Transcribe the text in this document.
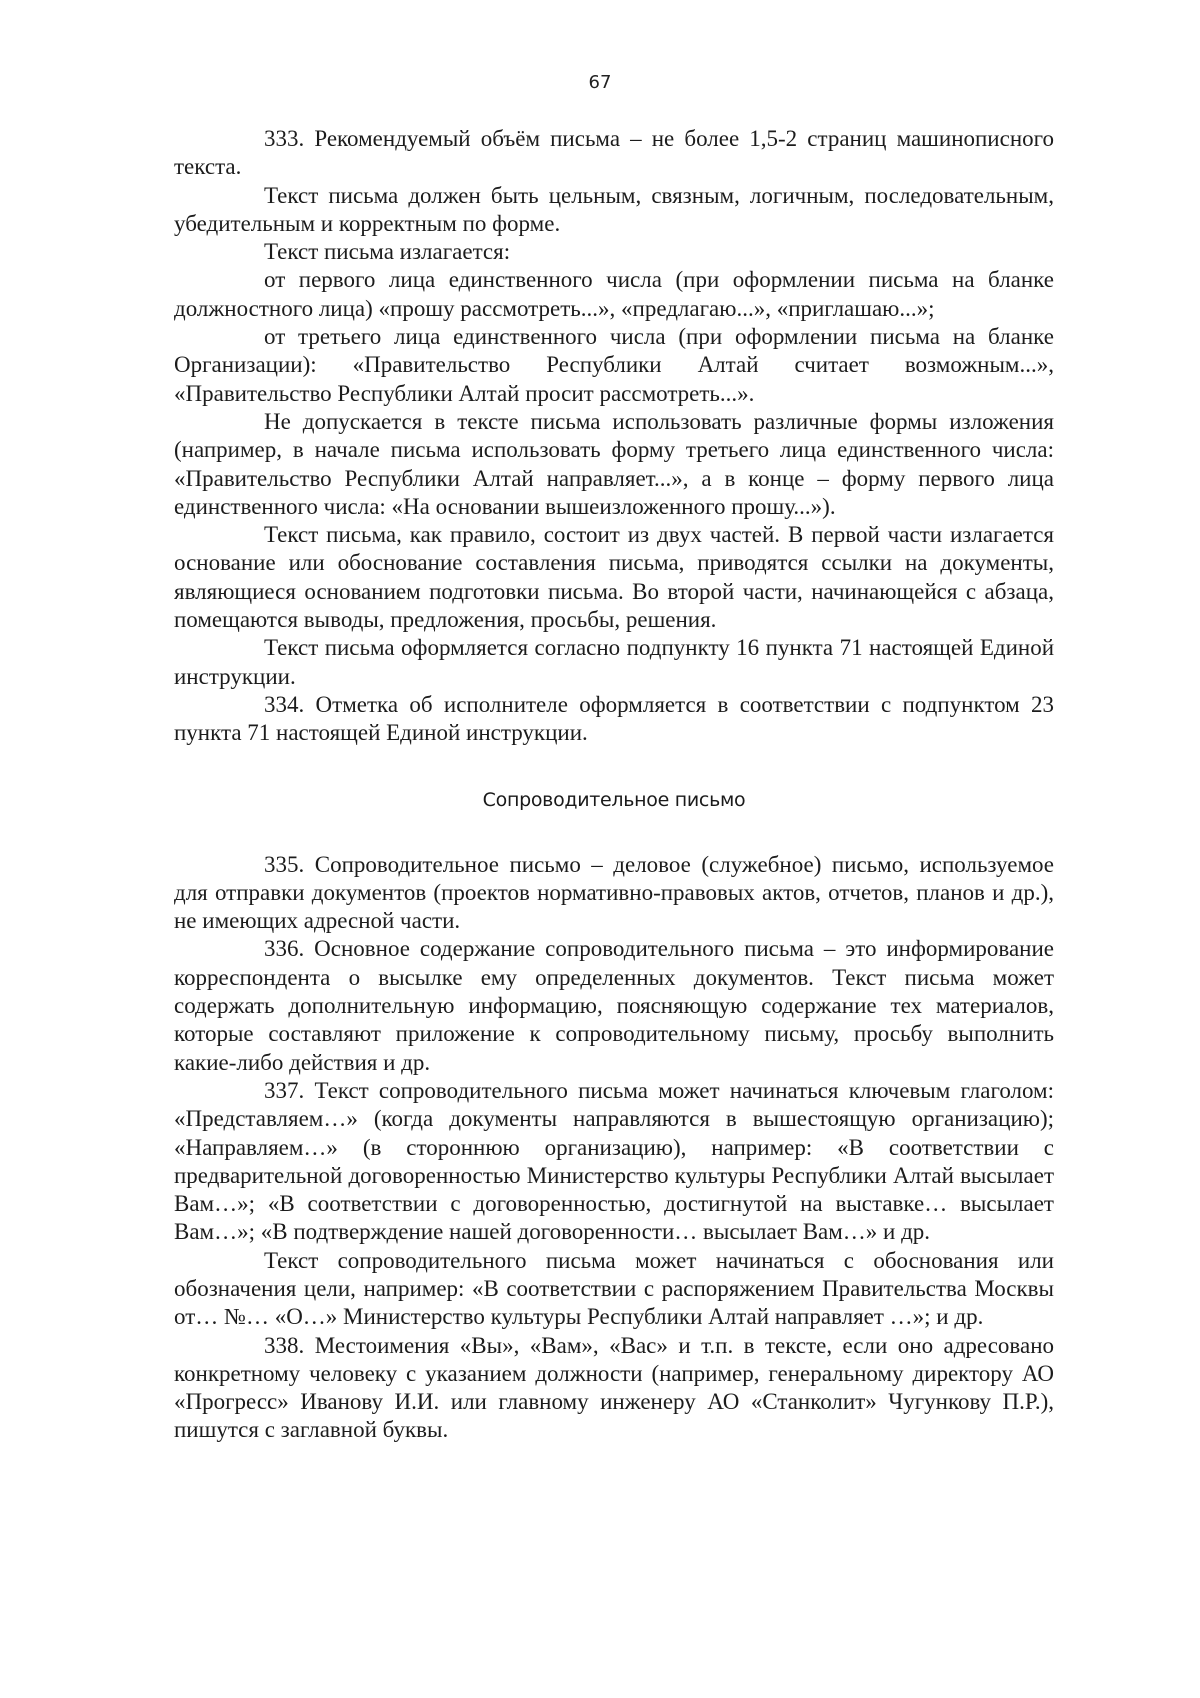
67

333. Рекомендуемый объём письма – не более 1,5-2 страниц машинописного текста.

Текст письма должен быть цельным, связным, логичным, последовательным, убедительным и корректным по форме.

Текст письма излагается:

от первого лица единственного числа (при оформлении письма на бланке должностного лица) «прошу рассмотреть...», «предлагаю...», «приглашаю...»;

от третьего лица единственного числа (при оформлении письма на бланке Организации): «Правительство Республики Алтай считает возможным...», «Правительство Республики Алтай просит рассмотреть...».

Не допускается в тексте письма использовать различные формы изложения (например, в начале письма использовать форму третьего лица единственного числа: «Правительство Республики Алтай направляет...», а в конце – форму первого лица единственного числа: «На основании вышеизложенного прошу...»).

Текст письма, как правило, состоит из двух частей. В первой части излагается основание или обоснование составления письма, приводятся ссылки на документы, являющиеся основанием подготовки письма. Во второй части, начинающейся с абзаца, помещаются выводы, предложения, просьбы, решения.

Текст письма оформляется согласно подпункту 16 пункта 71 настоящей Единой инструкции.

334. Отметка об исполнителе оформляется в соответствии с подпунктом 23 пункта 71 настоящей Единой инструкции.

Сопроводительное письмо

335. Сопроводительное письмо – деловое (служебное) письмо, используемое для отправки документов (проектов нормативно-правовых актов, отчетов, планов и др.), не имеющих адресной части.

336. Основное содержание сопроводительного письма – это информирование корреспондента о высылке ему определенных документов. Текст письма может содержать дополнительную информацию, поясняющую содержание тех материалов, которые составляют приложение к сопроводительному письму, просьбу выполнить какие-либо действия и др.

337. Текст сопроводительного письма может начинаться ключевым глаголом: «Представляем…» (когда документы направляются в вышестоящую организацию); «Направляем…» (в стороннюю организацию), например: «В соответствии с предварительной договоренностью Министерство культуры Республики Алтай высылает Вам…»; «В соответствии с договоренностью, достигнутой на выставке… высылает Вам…»; «В подтверждение нашей договоренности… высылает Вам…» и др.

Текст сопроводительного письма может начинаться с обоснования или обозначения цели, например: «В соответствии с распоряжением Правительства Москвы от… №… «О…» Министерство культуры Республики Алтай направляет …»; и др.

338. Местоимения «Вы», «Вам», «Вас» и т.п. в тексте, если оно адресовано конкретному человеку с указанием должности (например, генеральному директору АО «Прогресс» Иванову И.И. или главному инженеру АО «Станколит» Чугункову П.Р.), пишутся с заглавной буквы.
